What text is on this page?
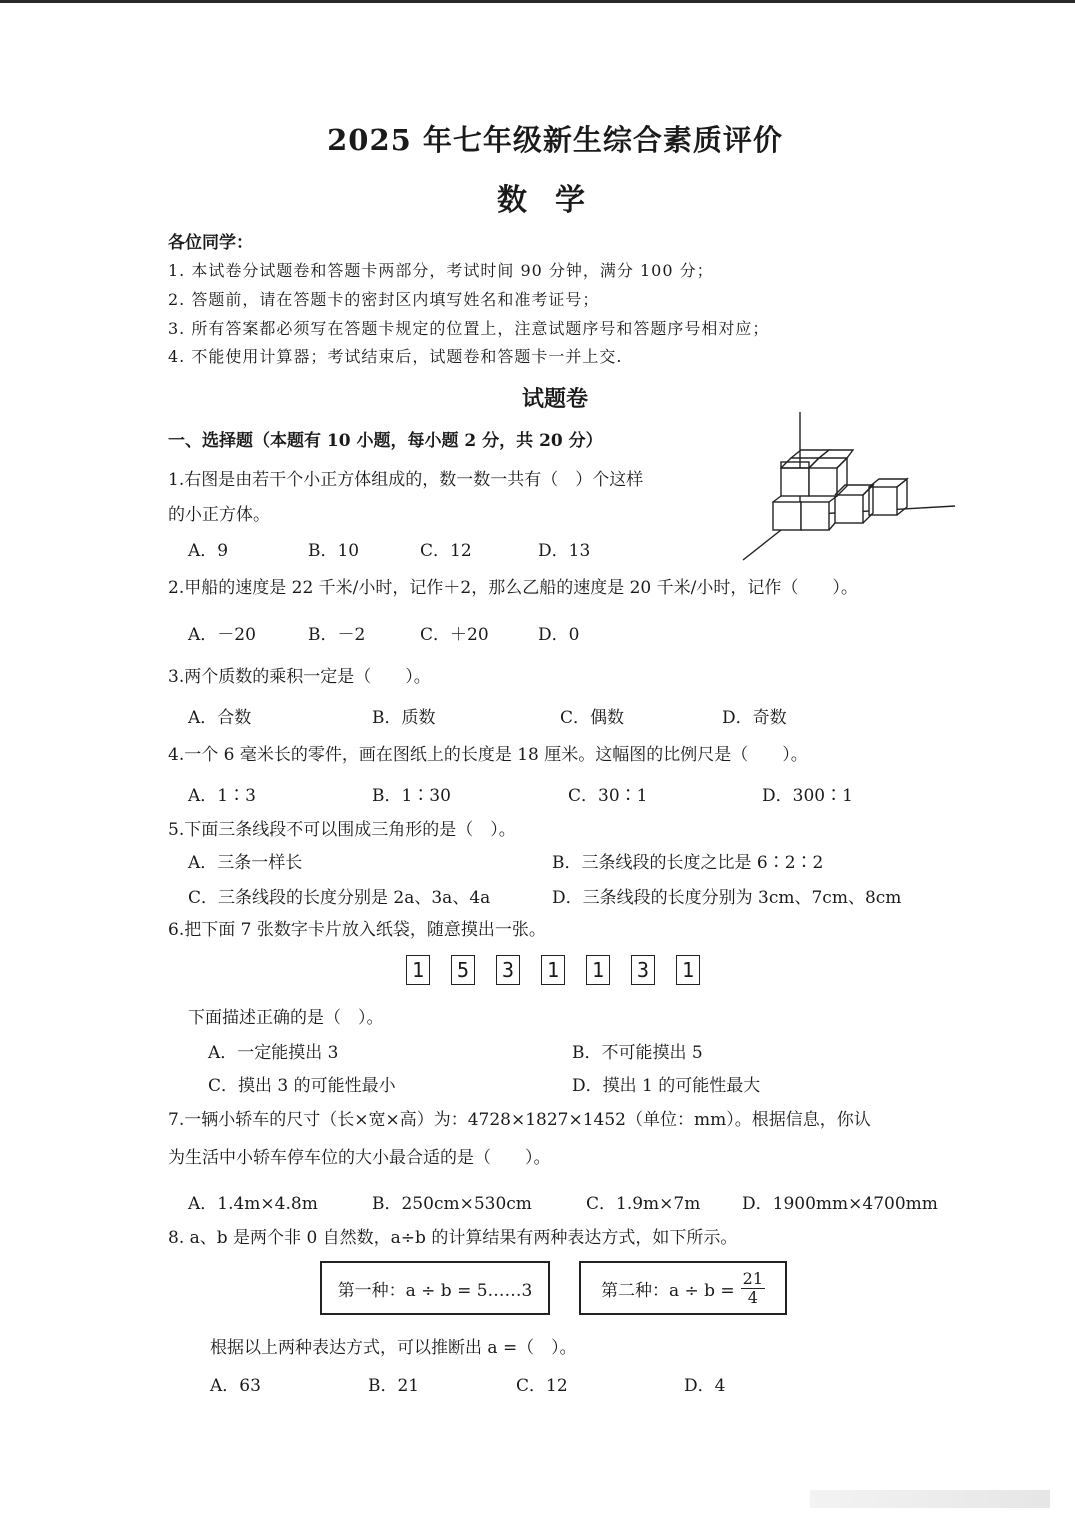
2025 年七年级新生综合素质评价
数学
各位同学：
1. 本试卷分试题卷和答题卡两部分，考试时间 90 分钟，满分 100 分；
2. 答题前，请在答题卡的密封区内填写姓名和准考证号；
3. 所有答案都必须写在答题卡规定的位置上，注意试题序号和答题序号相对应；
4. 不能使用计算器；考试结束后，试题卷和答题卡一并上交.
试题卷
一、选择题（本题有 10 小题，每小题 2 分，共 20 分）
1.右图是由若干个小正方体组成的，数一数一共有（　）个这样
的小正方体。
A．9	B．10	C．12	D．13
2.甲船的速度是 22 千米/小时，记作＋2，那么乙船的速度是 20 千米/小时，记作（　　）。
A．－20	B．－2	C．＋20	D．0
3.两个质数的乘积一定是（　　）。
A．合数	B．质数	C．偶数	D．奇数
4.一个 6 毫米长的零件，画在图纸上的长度是 18 厘米。这幅图的比例尺是（　　）。
A．1∶3	B．1∶30	C．30∶1	D．300∶1
5.下面三条线段不可以围成三角形的是（　）。
A．三条一样长	B．三条线段的长度之比是 6∶2∶2
C．三条线段的长度分别是 2a、3a、4a	D．三条线段的长度分别为 3cm、7cm、8cm
6.把下面 7 张数字卡片放入纸袋，随意摸出一张。
1 5 3 1 1 3 1
下面描述正确的是（　）。
A．一定能摸出 3	B．不可能摸出 5
C．摸出 3 的可能性最小	D．摸出 1 的可能性最大
7.一辆小轿车的尺寸（长×宽×高）为：4728×1827×1452（单位：mm）。根据信息，你认
为生活中小轿车停车位的大小最合适的是（　　）。
A．1.4m×4.8m	B．250cm×530cm	C．1.9m×7m D．1900mm×4700mm
8. a、b 是两个非 0 自然数，a÷b 的计算结果有两种表达方式，如下所示。
第一种：a ÷ b = 5……3	第二种：$a \div b = \frac{21}{4}$
根据以上两种表达方式，可以推断出 a =（　）。
A．63	B．21	C．12	D．4
